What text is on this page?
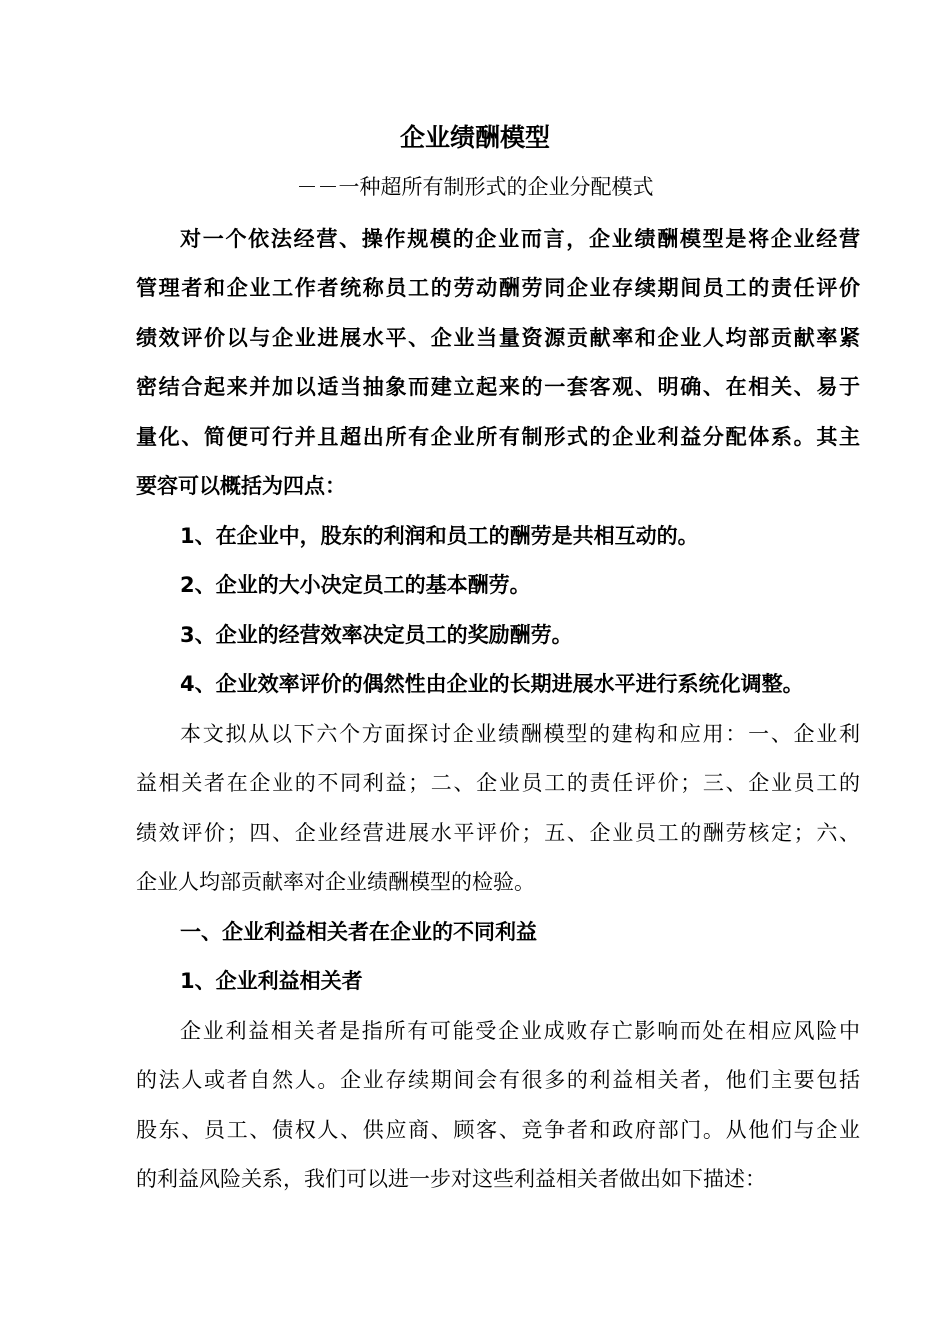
企业绩酬模型
－－一种超所有制形式的企业分配模式
对一个依法经营、操作规模的企业而言，企业绩酬模型是将企业经营
管理者和企业工作者统称员工的劳动酬劳同企业存续期间员工的责任评价
绩效评价以与企业进展水平、企业当量资源贡献率和企业人均部贡献率紧
密结合起来并加以适当抽象而建立起来的一套客观、明确、在相关、易于
量化、简便可行并且超出所有企业所有制形式的企业利益分配体系。其主
要容可以概括为四点：
1、在企业中，股东的利润和员工的酬劳是共相互动的。
2、企业的大小决定员工的基本酬劳。
3、企业的经营效率决定员工的奖励酬劳。
4、企业效率评价的偶然性由企业的长期进展水平进行系统化调整。
本文拟从以下六个方面探讨企业绩酬模型的建构和应用：一、企业利
益相关者在企业的不同利益；二、企业员工的责任评价；三、企业员工的
绩效评价；四、企业经营进展水平评价；五、企业员工的酬劳核定；六、
企业人均部贡献率对企业绩酬模型的检验。
一、企业利益相关者在企业的不同利益
1、企业利益相关者
企业利益相关者是指所有可能受企业成败存亡影响而处在相应风险中
的法人或者自然人。企业存续期间会有很多的利益相关者，他们主要包括
股东、员工、债权人、供应商、顾客、竞争者和政府部门。从他们与企业
的利益风险关系，我们可以进一步对这些利益相关者做出如下描述：
